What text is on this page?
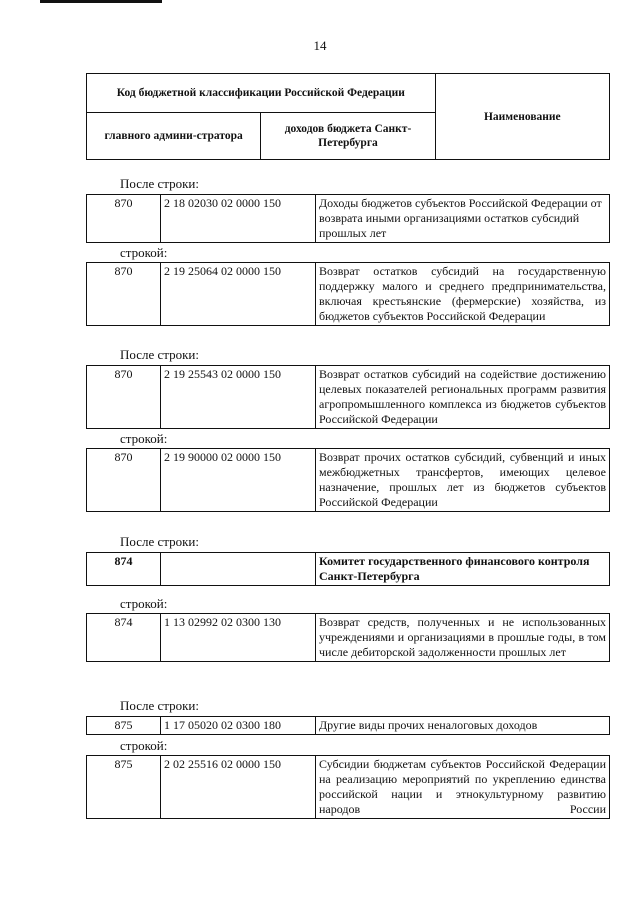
14
Код бюджетной классификации Российской Федерации		Наименование
главного админи-стратора	доходов бюджета Санкт-Петербурга	
После строки:
870	2 18 02030 02 0000 150	Доходы бюджетов субъектов Российской Федерации от возврата иными организациями остатков субсидий прошлых лет
строкой:
870	2 19 25064 02 0000 150	Возврат остатков субсидий на государственную поддержку малого и среднего предпринимательства, включая крестьянские (фермерские) хозяйства, из бюджетов субъектов Российской Федерации
После строки:
870	2 19 25543 02 0000 150	Возврат остатков субсидий на содействие достижению целевых показателей региональных программ развития агропромышленного комплекса из бюджетов субъектов Российской Федерации
строкой:
870	2 19 90000 02 0000 150	Возврат прочих остатков субсидий, субвенций и иных межбюджетных трансфертов, имеющих целевое назначение, прошлых лет из бюджетов субъектов Российской Федерации
После строки:
874		Комитет государственного финансового контроля Санкт-Петербурга
строкой:
874	1 13 02992 02 0300 130	Возврат средств, полученных и не использованных учреждениями и организациями в прошлые годы, в том числе дебиторской задолженности прошлых лет
После строки:
875	1 17 05020 02 0300 180	Другие виды прочих неналоговых доходов
строкой:
875	2 02 25516 02 0000 150	Субсидии бюджетам субъектов Российской Федерации на реализацию мероприятий по укреплению единства российской нации и этнокультурному развитию народов России
